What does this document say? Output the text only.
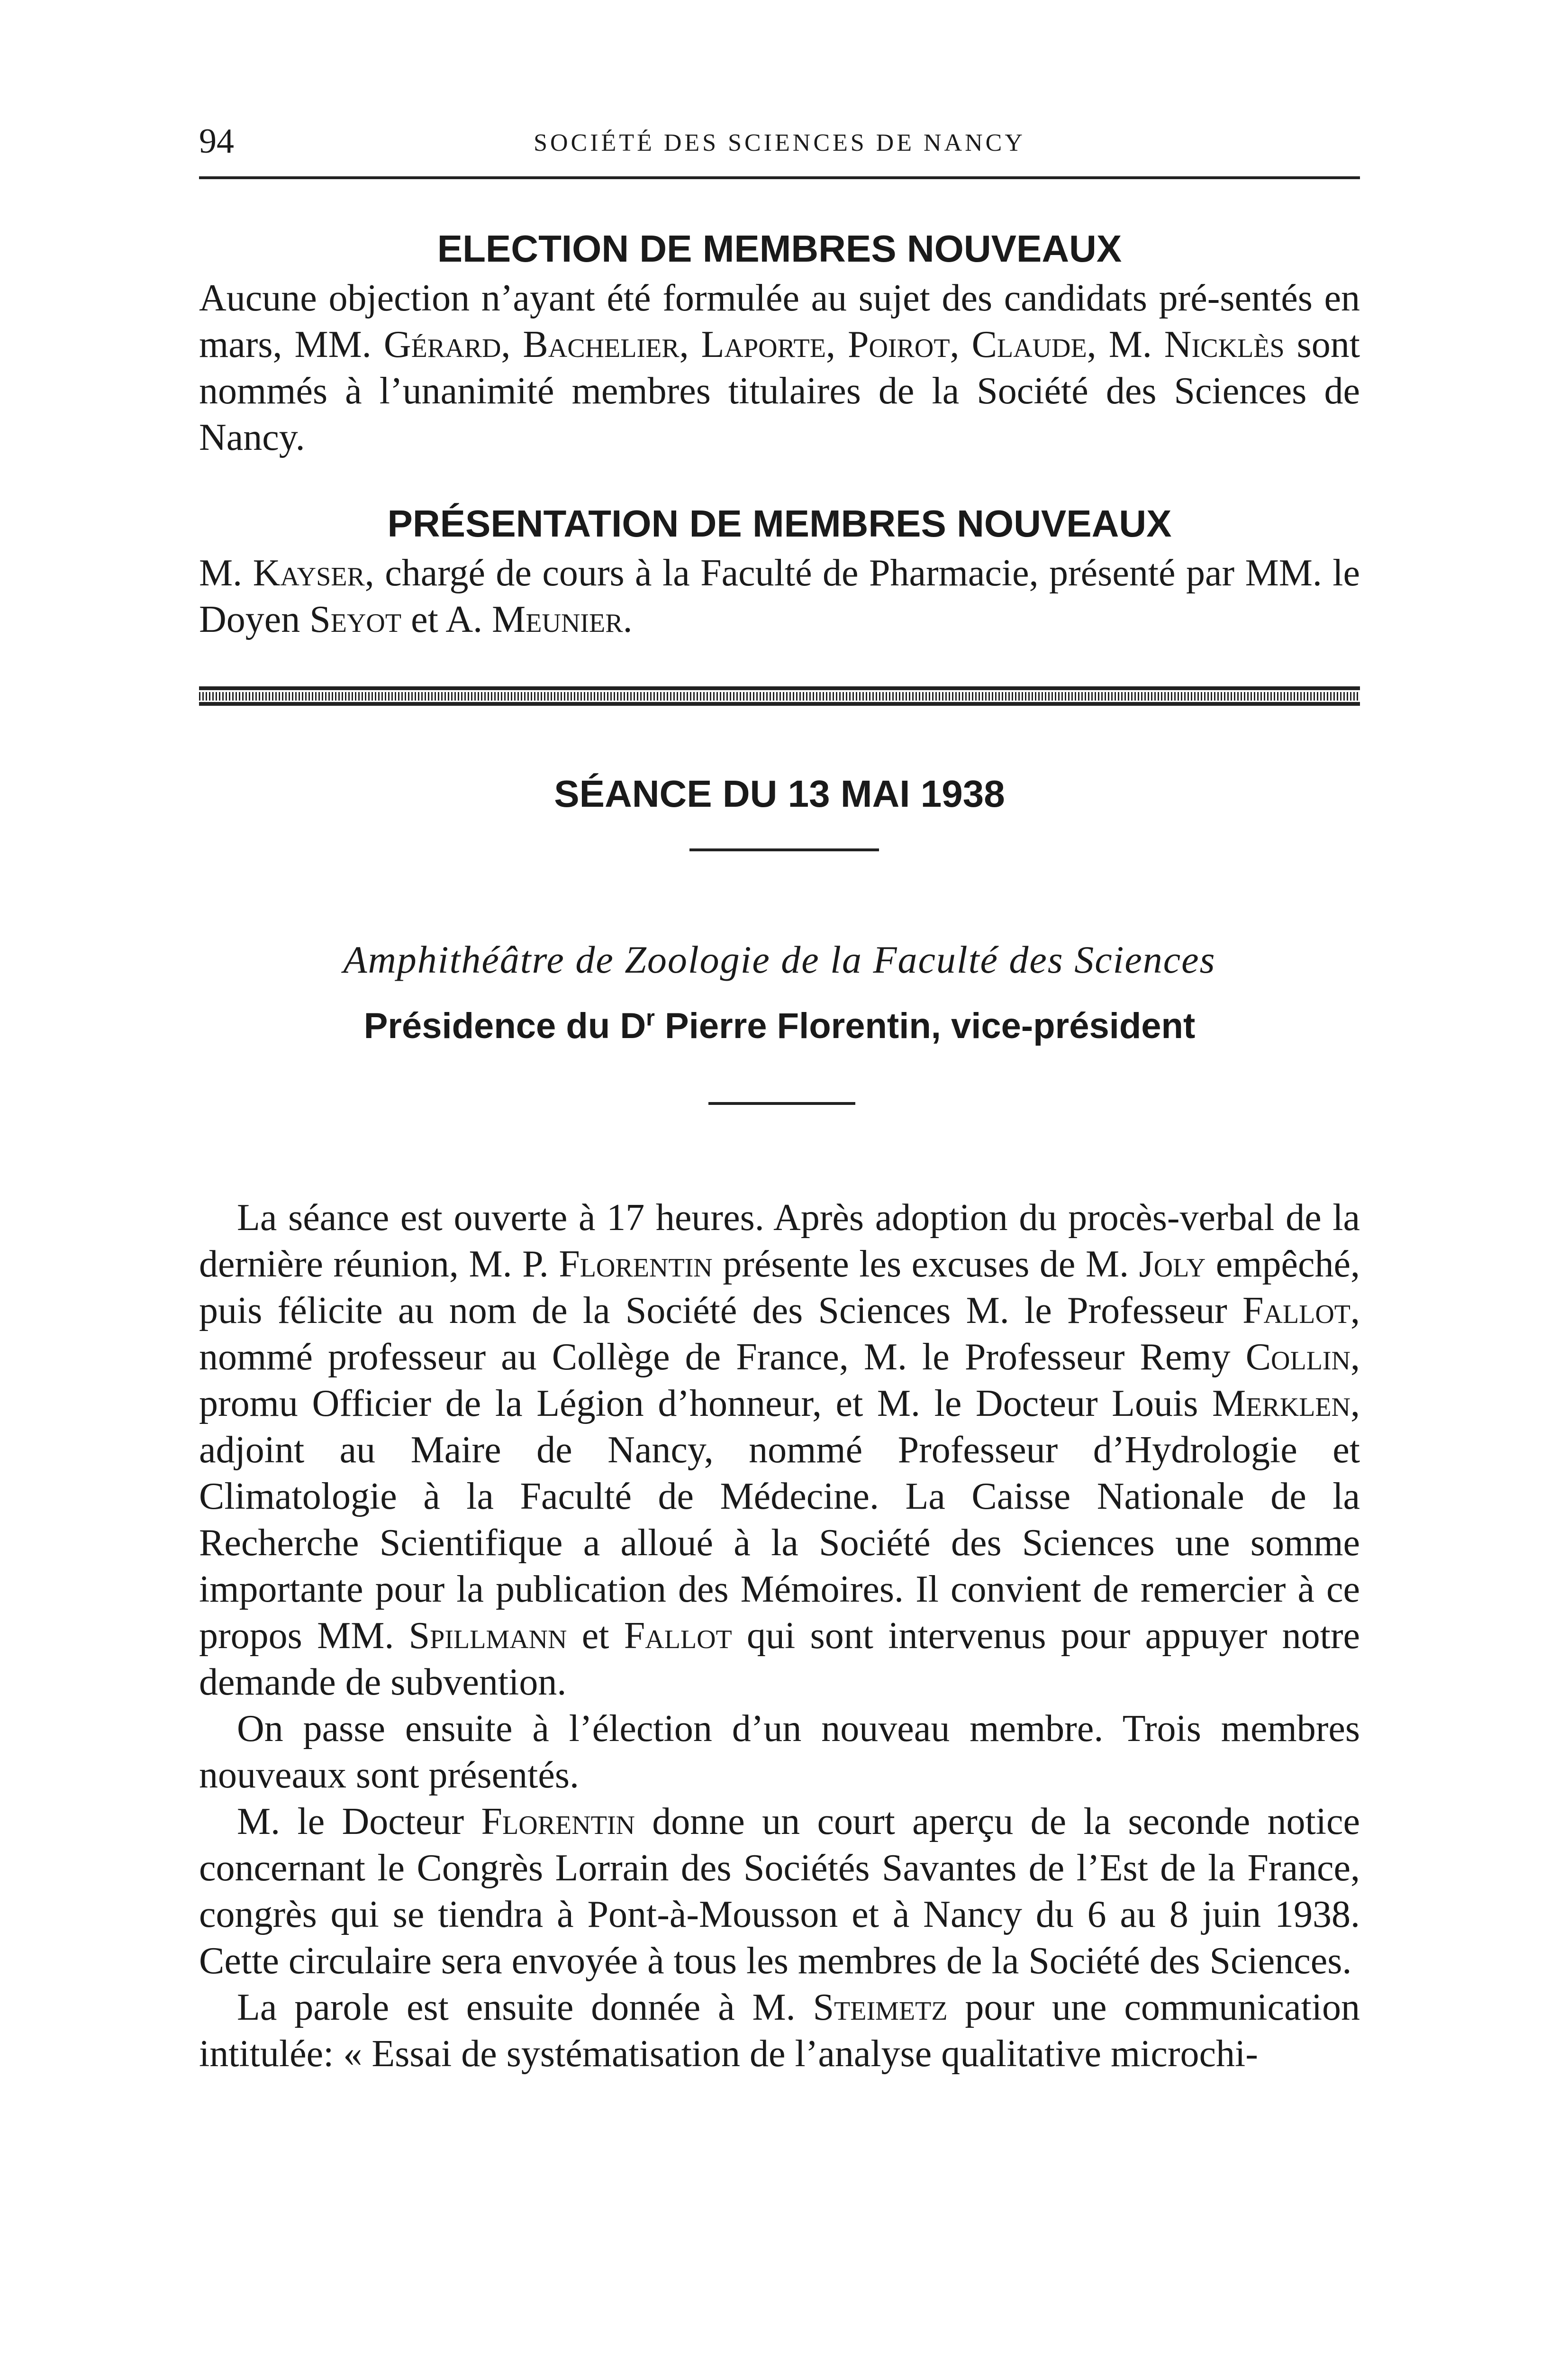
94	SOCIÉTÉ DES SCIENCES DE NANCY
ELECTION DE MEMBRES NOUVEAUX

Aucune objection n’ayant été formulée au sujet des candidats pré-sentés en mars, MM. Gérard, Bachelier, Laporte, Poirot, Claude, M. Nicklès sont nommés à l’unanimité membres titulaires de la Société des Sciences de Nancy.

PRÉSENTATION DE MEMBRES NOUVEAUX

M. Kayser, chargé de cours à la Faculté de Pharmacie, présenté par MM. le Doyen Seyot et A. Meunier.

SÉANCE DU 13 MAI 1938
Amphithéâtre de Zoologie de la Faculté des Sciences
Présidence du $D^r$ Pierre Florentin, vice-président

La séance est ouverte à 17 heures. Après adoption du procès-verbal de la dernière réunion, M. P. Florentin présente les excuses de M. Joly empêché, puis félicite au nom de la Société des Sciences M. le Professeur Fallot, nommé professeur au Collège de France, M. le Professeur Remy Collin, promu Officier de la Légion d’honneur, et M. le Docteur Louis Merklen, adjoint au Maire de Nancy, nommé Professeur d’Hydrologie et Climatologie à la Faculté de Médecine. La Caisse Nationale de la Recherche Scientifique a alloué à la Société des Sciences une somme importante pour la publication des Mémoires. Il convient de remercier à ce propos MM. Spillmann et Fallot qui sont intervenus pour appuyer notre demande de subvention.

On passe ensuite à l’élection d’un nouveau membre. Trois membres nouveaux sont présentés.

M. le Docteur Florentin donne un court aperçu de la seconde notice concernant le Congrès Lorrain des Sociétés Savantes de l’Est de la France, congrès qui se tiendra à Pont-à-Mousson et à Nancy du 6 au 8 juin 1938. Cette circulaire sera envoyée à tous les membres de la Société des Sciences.

La parole est ensuite donnée à M. Steimetz pour une communication intitulée: « Essai de systématisation de l’analyse qualitative microchi-
